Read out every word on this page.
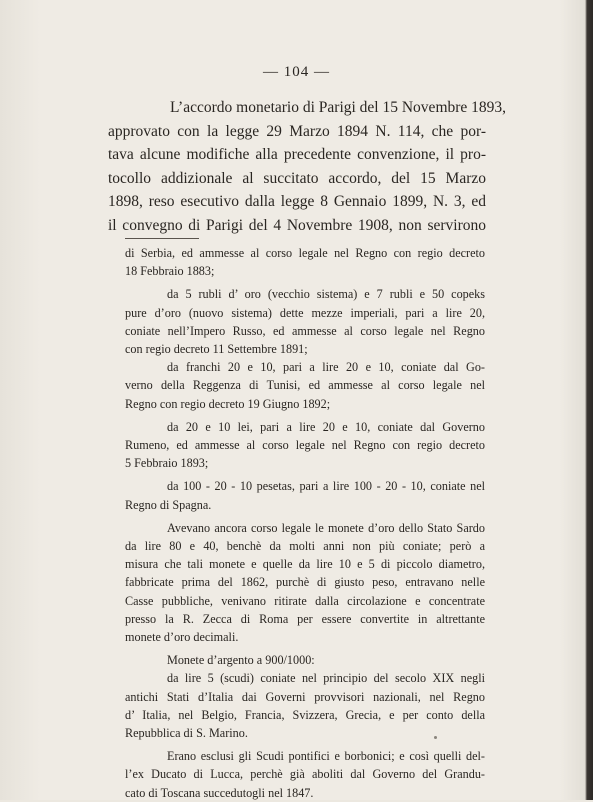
— 104 —
L’accordo monetario di Parigi del 15 Novembre 1893,
approvato con la legge 29 Marzo 1894 N. 114, che por-
tava alcune modifiche alla precedente convenzione, il pro-
tocollo addizionale al succitato accordo, del 15 Marzo
1898, reso esecutivo dalla legge 8 Gennaio 1899, N. 3, ed
il convegno di Parigi del 4 Novembre 1908, non servirono
di Serbia, ed ammesse al corso legale nel Regno con regio decreto
18 Febbraio 1883;
da 5 rubli d’ oro (vecchio sistema) e 7 rubli e 50 copeks
pure d’oro (nuovo sistema) dette mezze imperiali, pari a lire 20,
coniate nell’Impero Russo, ed ammesse al corso legale nel Regno
con regio decreto 11 Settembre 1891;
da franchi 20 e 10, pari a lire 20 e 10, coniate dal Go-
verno della Reggenza di Tunisi, ed ammesse al corso legale nel
Regno con regio decreto 19 Giugno 1892;
da 20 e 10 lei, pari a lire 20 e 10, coniate dal Governo
Rumeno, ed ammesse al corso legale nel Regno con regio decreto
5 Febbraio 1893;
da 100 - 20 - 10 pesetas, pari a lire 100 - 20 - 10, coniate nel
Regno di Spagna.
Avevano ancora corso legale le monete d’oro dello Stato Sardo
da lire 80 e 40, benchè da molti anni non più coniate; però a
misura che tali monete e quelle da lire 10 e 5 di piccolo diametro,
fabbricate prima del 1862, purchè di giusto peso, entravano nelle
Casse pubbliche, venivano ritirate dalla circolazione e concentrate
presso la R. Zecca di Roma per essere convertite in altrettante
monete d’oro decimali.
Monete d’argento a 900/1000:
da lire 5 (scudi) coniate nel principio del secolo XIX negli
antichi Stati d’Italia dai Governi provvisori nazionali, nel Regno
d’ Italia, nel Belgio, Francia, Svizzera, Grecia, e per conto della
Repubblica di S. Marino.
Erano esclusi gli Scudi pontifici e borbonici; e così quelli del-
l’ex Ducato di Lucca, perchè già aboliti dal Governo del Grandu-
cato di Toscana succedutogli nel 1847.
